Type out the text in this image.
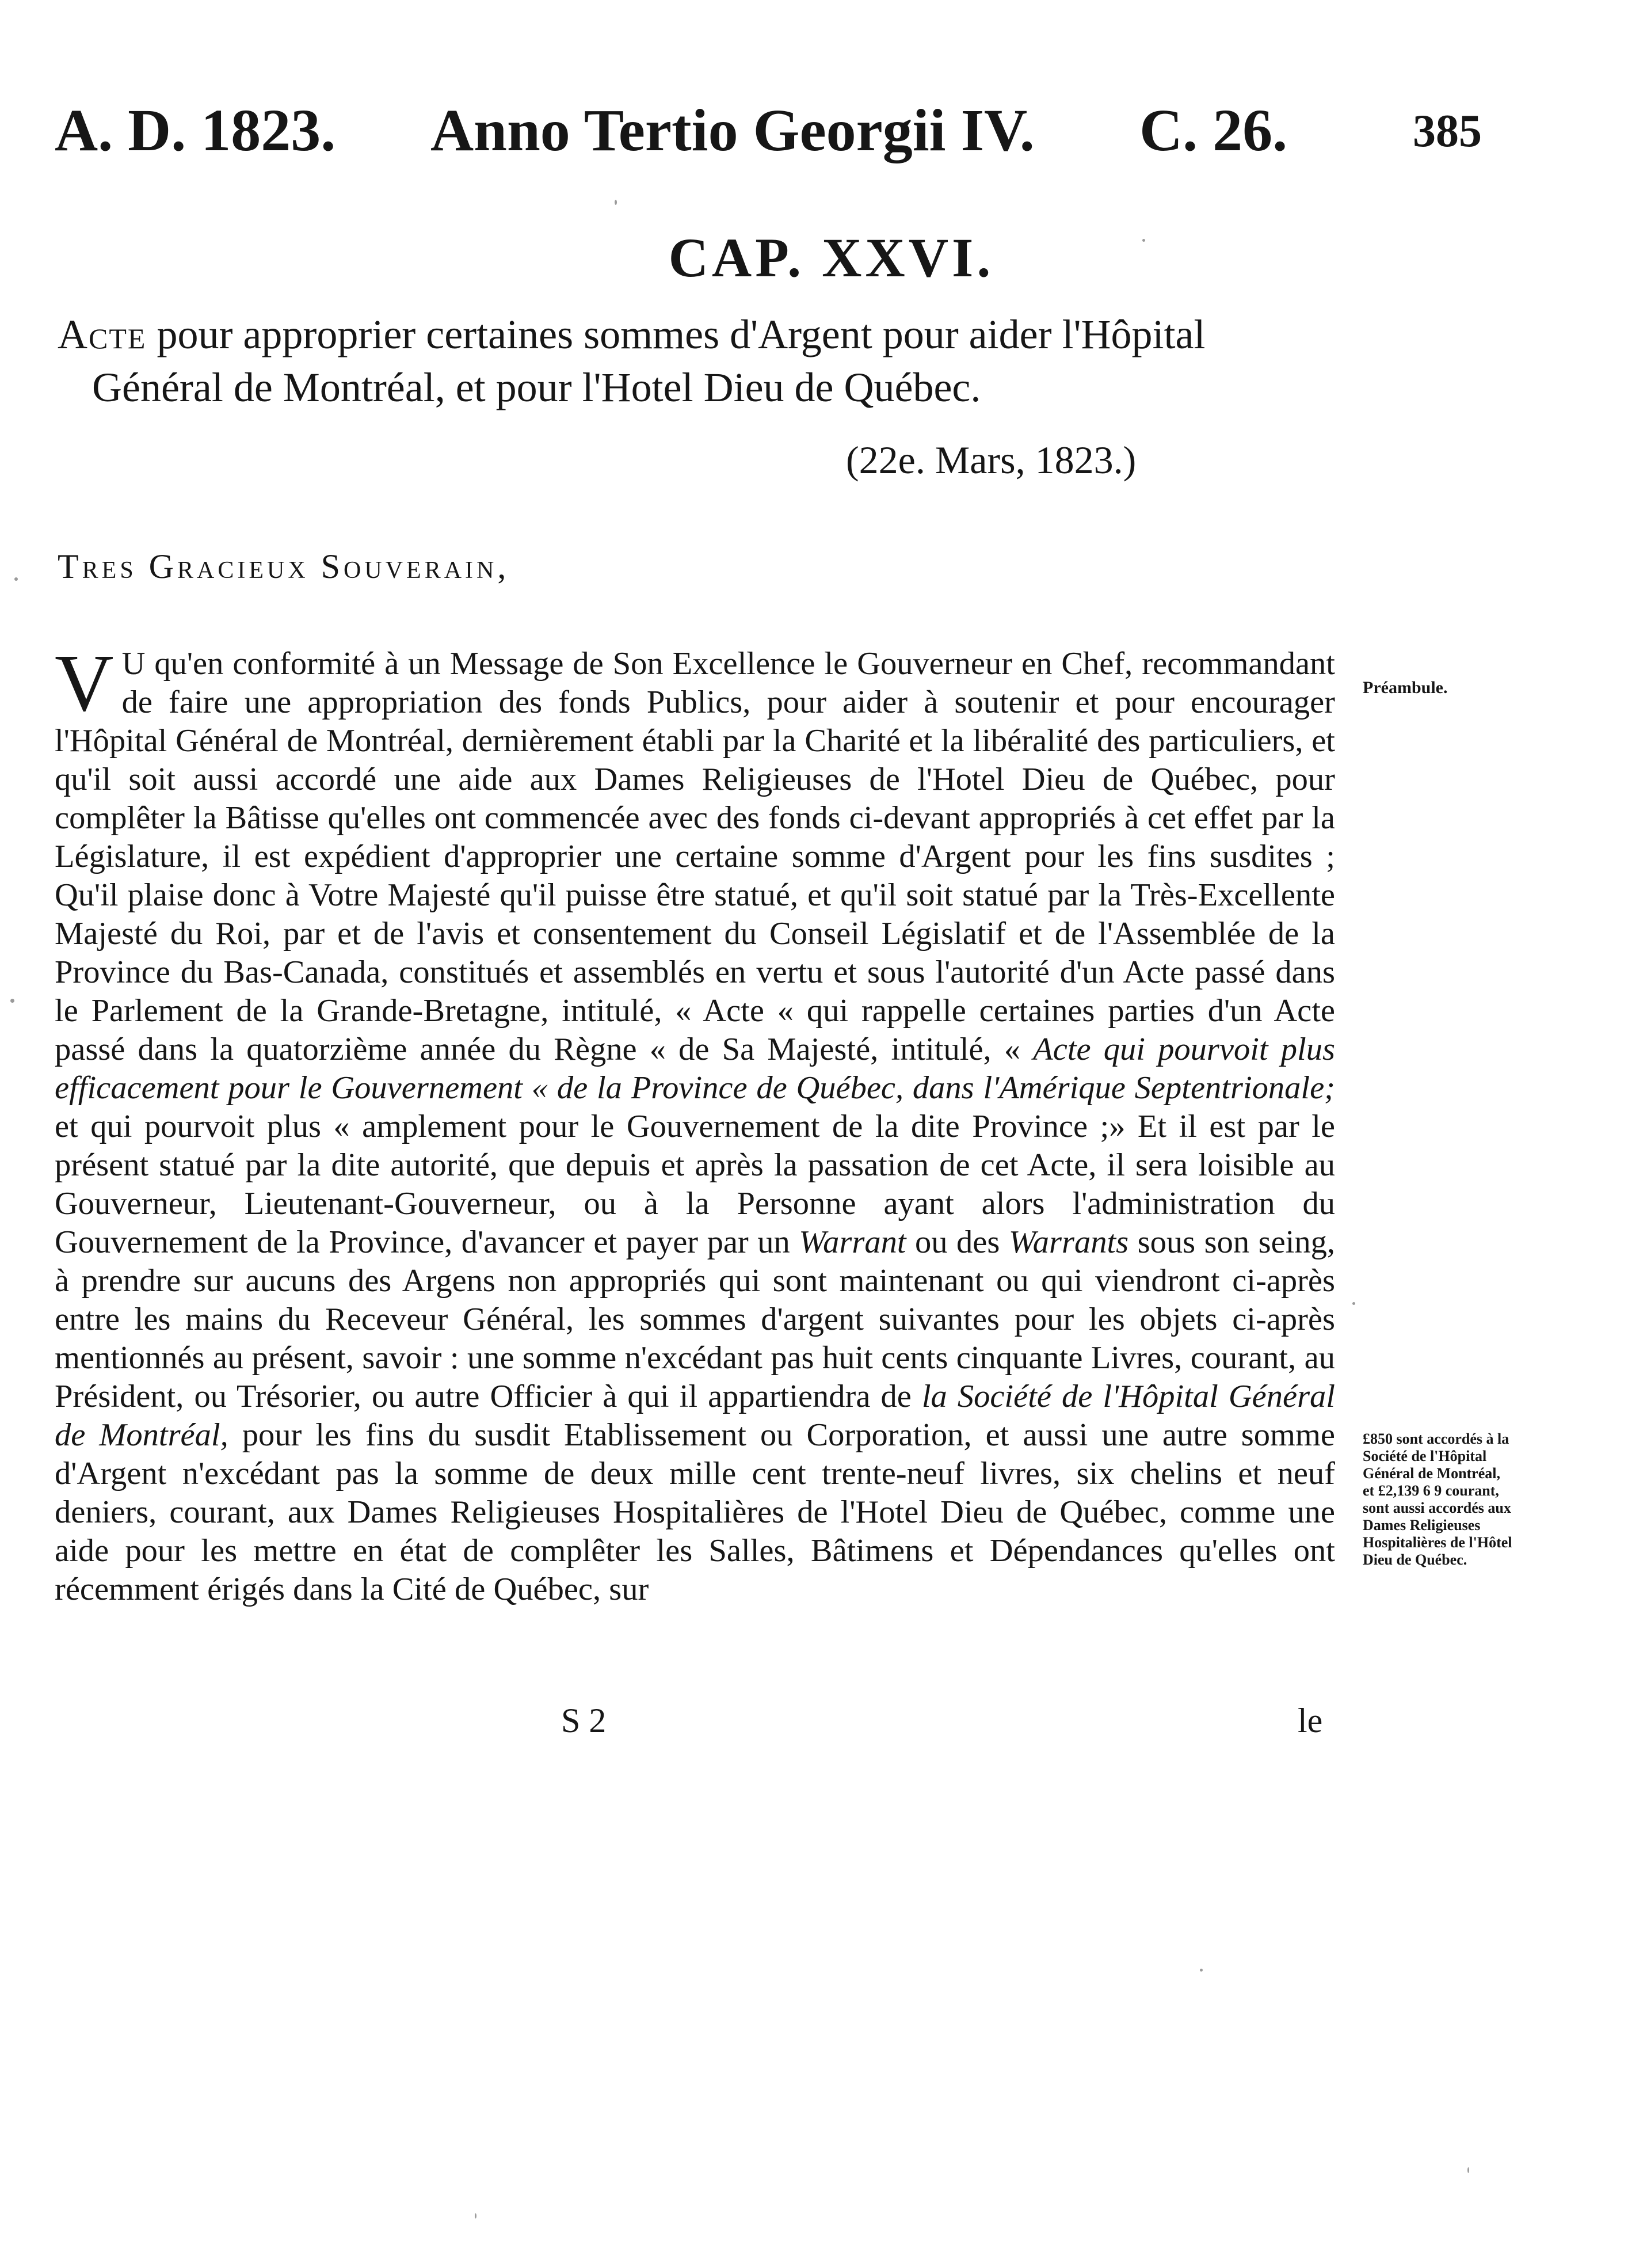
A. D. 1823. Anno Tertio Georgii IV. C. 26.	385
CAP. XXVI.
Acte pour approprier certaines sommes d'Argent pour aider l'Hôpital
Général de Montréal, et pour l'Hotel Dieu de Québec.
(22e. Mars, 1823.)
Tres Gracieux Souverain,
V U qu'en conformité à un Message de Son Excellence le Gouverneur en Chef, recommandant de faire une appropriation des fonds Publics, pour aider à soutenir et pour encourager l'Hôpital Général de Montréal, dernièrement établi par la Charité et la libéralité des particuliers, et qu'il soit aussi accordé une aide aux Dames Religieuses de l'Hotel Dieu de Québec, pour complêter la Bâtisse qu'elles ont commencée avec des fonds ci-devant appropriés à cet effet par la Législature, il est expédient d'approprier une certaine somme d'Argent pour les fins susdites ; Qu'il plaise donc à Votre Majesté qu'il puisse être statué, et qu'il soit statué par la Très-Excellente Majesté du Roi, par et de l'avis et consentement du Conseil Législatif et de l'Assemblée de la Province du Bas-Canada, constitués et assemblés en vertu et sous l'autorité d'un Acte passé dans le Parlement de la Grande-Bretagne, intitulé, « Acte « qui rappelle certaines parties d'un Acte passé dans la quatorzième année du Règne « de Sa Majesté, intitulé, « Acte qui pourvoit plus efficacement pour le Gouvernement « de la Province de Québec, dans l'Amérique Septentrionale; et qui pourvoit plus « amplement pour le Gouvernement de la dite Province ;» Et il est par le présent statué par la dite autorité, que depuis et après la passation de cet Acte, il sera loisible au Gouverneur, Lieutenant-Gouverneur, ou à la Personne ayant alors l'administration du Gouvernement de la Province, d'avancer et payer par un Warrant ou des Warrants sous son seing, à prendre sur aucuns des Argens non appropriés qui sont maintenant ou qui viendront ci-après entre les mains du Receveur Général, les sommes d'argent suivantes pour les objets ci-après mentionnés au présent, savoir : une somme n'excédant pas huit cents cinquante Livres, courant, au Président, ou Trésorier, ou autre Officier à qui il appartiendra de la Société de l'Hôpital Général de Montréal, pour les fins du susdit Etablissement ou Corporation, et aussi une autre somme d'Argent n'excédant pas la somme de deux mille cent trente-neuf livres, six chelins et neuf deniers, courant, aux Dames Religieuses Hospitalières de l'Hotel Dieu de Québec, comme une aide pour les mettre en état de complêter les Salles, Bâtimens et Dépendances qu'elles ont récemment érigés dans la Cité de Québec, sur
S 2	le
Préambule.
£850 sont accordés à la Société de l'Hôpital Général de Montréal, et £2,139 6 9 courant, sont aussi accordés aux Dames Religieuses Hospitalières de l'Hôtel Dieu de Québec.
